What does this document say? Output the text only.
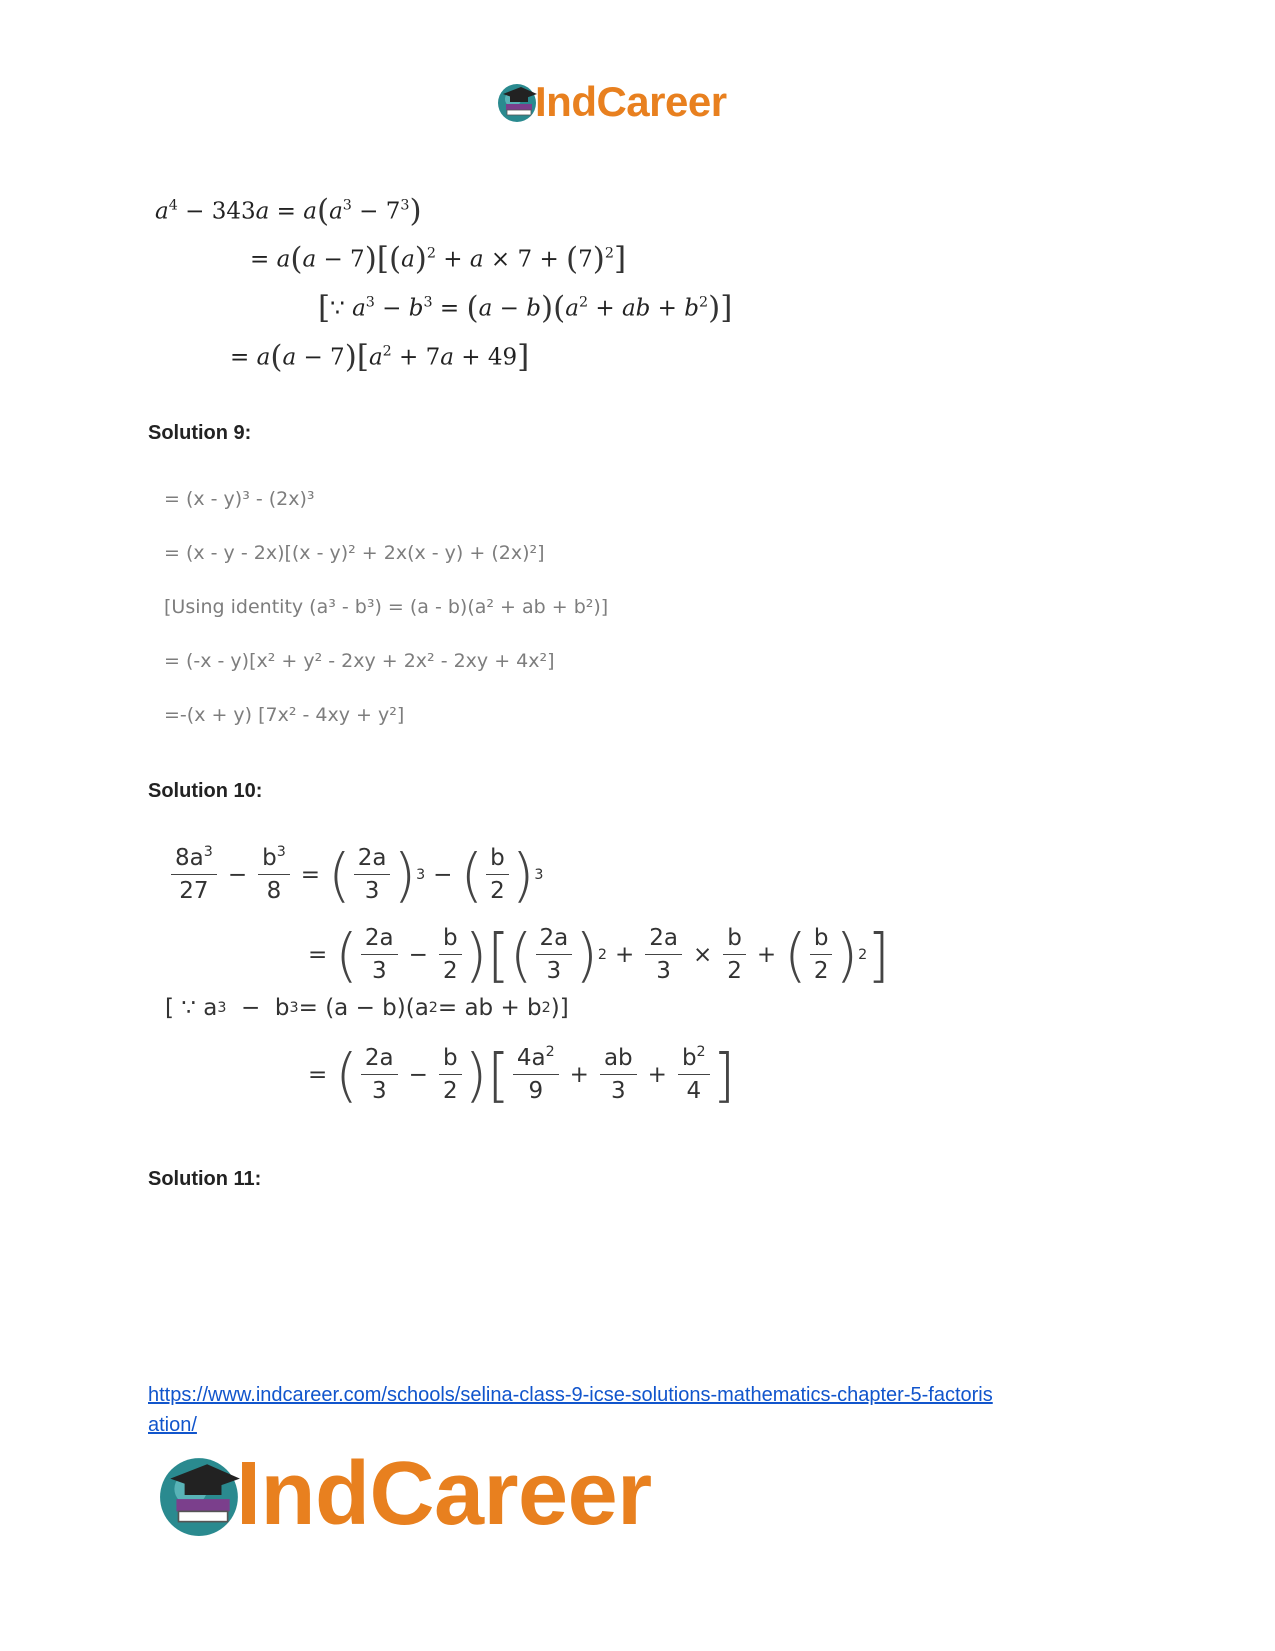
IndCareer
$a^4 - 343a = a(a^3 - 7^3)$
= $a(a - 7)[(a)^2 + a \times 7 + (7)^2]$
[∵ $a^3 - b^3 = (a - b)(a^2$ + ab + $b^2$)]
= $a(a - 7)[a^2 + 7a + 49]$
Solution 9:
= (x - y)³ - (2x)³
= (x - y - 2x)[(x - y)² + 2x(x - y) + (2x)²]
[Using identity (a³ - b³) = (a - b)(a² + ab + b²)]
= (-x - y)[x² + y² - 2xy + 2x² - 2xy + 4x²]
=-(x + y) [7x² - 4xy + y²]
Solution 10:
$\frac{8a^3}{27} - \frac{b^3}{8}$ = ( $\frac{2a}{3}$ ) 3 − ( $\frac{b}{2}$ ) 3
= ( $\frac{2a}{3} - \frac{b}{2}$ ) [ ( $\frac{2a}{3}$ ) $2 + \frac{2a}{3} \times \frac{b}{2}$ + ( $\frac{b}{2}$ ) 2 ]
[ ∵ a 3 −  b 3 = (a − b)(a 2 = ab + b 2 )]
= ( $\frac{2a}{3} - \frac{b}{2}$ ) [ $\frac{4a^2}{9} + \frac{ab}{3} + \frac{b^2}{4}$ ]
Solution 11:
https://www.indcareer.com/schools/selina-class-9-icse-solutions-mathematics-chapter-5-factoris
ation/
IndCareer
